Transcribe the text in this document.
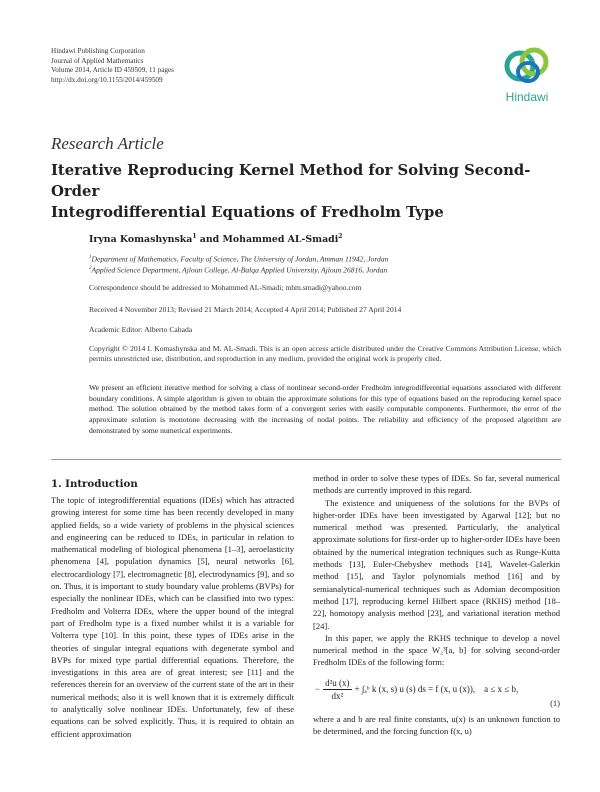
Hindawi Publishing Corporation
Journal of Applied Mathematics
Volume 2014, Article ID 459509, 11 pages
http://dx.doi.org/10.1155/2014/459509
Hindawi
Research Article
Iterative Reproducing Kernel Method for Solving Second-Order
Integrodifferential Equations of Fredholm Type
Iryna Komashynska$^1$ and Mohammed AL-Smadi$^2$
$^1$Department of Mathematics, Faculty of Science, The University of Jordan, Amman 11942, Jordan
$^2$Applied Science Department, Ajloun College, Al-Balqa Applied University, Ajloun 26816, Jordan
Correspondence should be addressed to Mohammed AL-Smadi; mhm.smadi@yahoo.com
Received 4 November 2013; Revised 21 March 2014; Accepted 4 April 2014; Published 27 April 2014
Academic Editor: Alberto Cabada
Copyright © 2014 I. Komashynska and M. AL-Smadi. This is an open access article distributed under the Creative Commons Attribution License, which permits unrestricted use, distribution, and reproduction in any medium, provided the original work is properly cited.
We present an efficient iterative method for solving a class of nonlinear second-order Fredholm integrodifferential equations associated with different boundary conditions. A simple algorithm is given to obtain the approximate solutions for this type of equations based on the reproducing kernel space method. The solution obtained by the method takes form of a convergent series with easily computable components. Furthermore, the error of the approximate solution is monotone decreasing with the increasing of nodal points. The reliability and efficiency of the proposed algorithm are demonstrated by some numerical experiments.
1. Introduction

The topic of integrodifferential equations (IDEs) which has attracted growing interest for some time has been recently developed in many applied fields, so a wide variety of problems in the physical sciences and engineering can be reduced to IDEs, in particular in relation to mathematical modeling of biological phenomena [1–3], aeroelasticity phenomena [4], population dynamics [5], neural networks [6], electrocardiology [7], electromagnetic [8], electrodynamics [9], and so on. Thus, it is important to study boundary value problems (BVPs) for especially the nonlinear IDEs, which can be classified into two types: Fredholm and Volterra IDEs, where the upper bound of the integral part of Fredholm type is a fixed number whilst it is a variable for Volterra type [10]. In this point, these types of IDEs arise in the theories of singular integral equations with degenerate symbol and BVPs for mixed type partial differential equations. Therefore, the investigations in this area are of great interest; see [11] and the references therein for an overview of the current state of the art in their numerical methods; also it is well known that it is extremely difficult to analytically solve nonlinear IDEs. Unfortunately, few of these equations can be solved explicitly. Thus, it is required to obtain an efficient approximation

method in order to solve these types of IDEs. So far, several numerical methods are currently improved in this regard.

The existence and uniqueness of the solutions for the BVPs of higher-order IDEs have been investigated by Agarwal [12]; but no numerical method was presented. Particularly, the analytical approximate solutions for first-order up to higher-order IDEs have been obtained by the numerical integration techniques such as Runge-Kutta methods [13], Euler-Chebyshev methods [14], Wavelet-Galerkin method [15], and Taylor polynomials method [16] and by semianalytical-numerical techniques such as Adomian decomposition method [17], reproducing kernel Hilbert space (RKHS) method [18–22], homotopy analysis method [23], and variational iteration method [24].

In this paper, we apply the RKHS technique to develop a novel numerical method in the space W₂³[a, b] for solving second-order Fredholm IDEs of the following form:

− $\frac{\text{d²u (x)}}{\text{dx²}}$ + ∫ₐᵇ k (x, s) u (s) ds = f (x, u (x)),    a ≤ x ≤ b,
(1)

where a and b are real finite constants, u(x) is an unknown function to be determined, and the forcing function f(x, u)
